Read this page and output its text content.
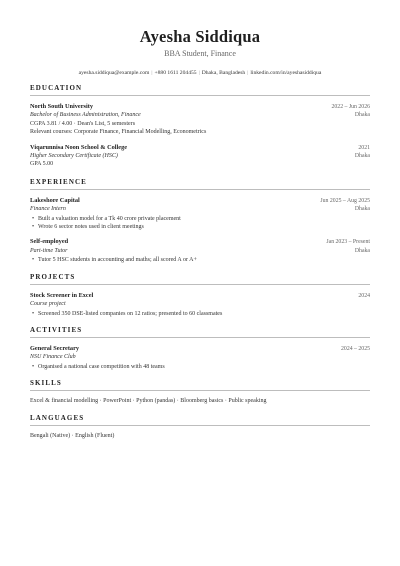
Ayesha Siddiqua
BBA Student, Finance
ayesha.siddiqua@example.com | +880 1611 204455 | Dhaka, Bangladesh | linkedin.com/in/ayeshasiddiqua
EDUCATION
North South University	2022 – Jun 2026
Bachelor of Business Administration, Finance	Dhaka
CGPA 3.81 / 4.00 · Dean's List, 5 semesters
Relevant courses: Corporate Finance, Financial Modelling, Econometrics
Viqarunnisa Noon School & College	2021
Higher Secondary Certificate (HSC)	Dhaka
GPA 5.00
EXPERIENCE
Lakeshore Capital	Jun 2025 – Aug 2025
Finance Intern	Dhaka
• Built a valuation model for a Tk 40 crore private placement
• Wrote 6 sector notes used in client meetings
Self-employed	Jan 2023 – Present
Part-time Tutor	Dhaka
• Tutor 5 HSC students in accounting and maths; all scored A or A+
PROJECTS
Stock Screener in Excel	2024
Course project
• Screened 350 DSE-listed companies on 12 ratios; presented to 60 classmates
ACTIVITIES
General Secretary	2024 – 2025
NSU Finance Club
• Organised a national case competition with 48 teams
SKILLS
Excel & financial modelling · PowerPoint · Python (pandas) · Bloomberg basics · Public speaking
LANGUAGES
Bengali (Native) · English (Fluent)
